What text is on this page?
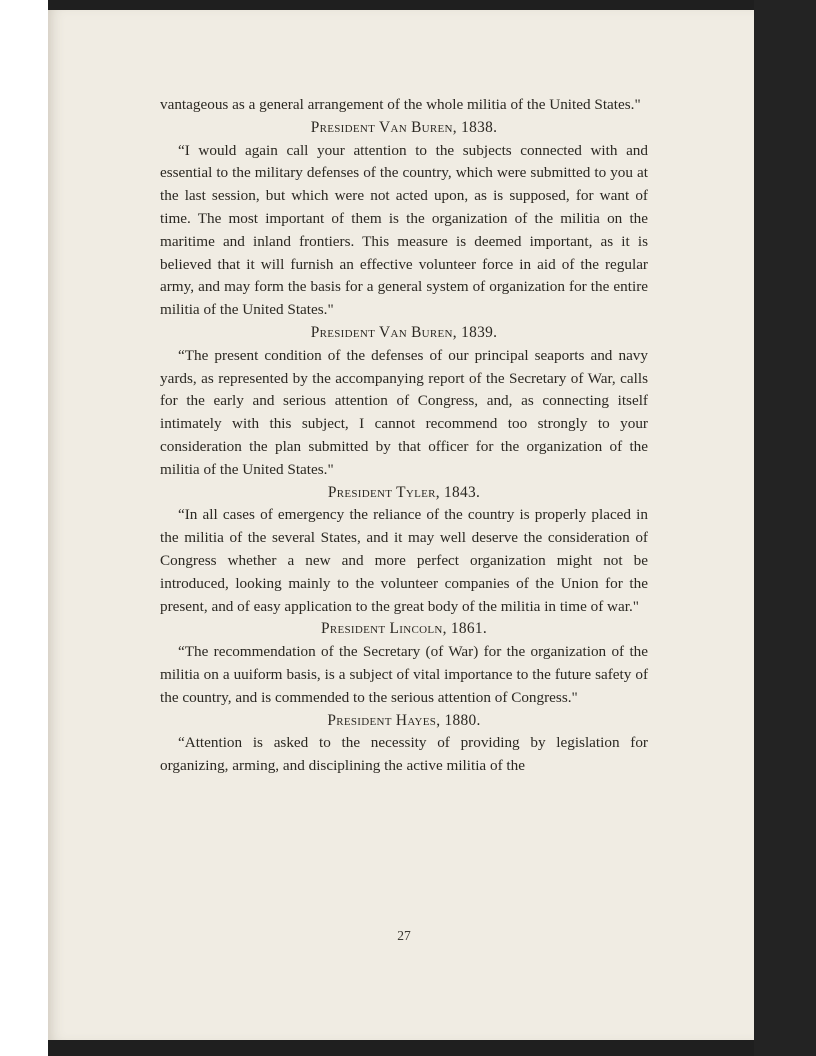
vantageous as a general arrangement of the whole militia of the United States."

President Van Buren, 1838.

“I would again call your attention to the subjects connected with and essential to the military defenses of the country, which were submitted to you at the last session, but which were not acted upon, as is supposed, for want of time. The most important of them is the organization of the militia on the maritime and inland frontiers. This measure is deemed important, as it is believed that it will furnish an effective volunteer force in aid of the regular army, and may form the basis for a general system of organization for the entire militia of the United States."

President Van Buren, 1839.

“The present condition of the defenses of our principal seaports and navy yards, as represented by the accompanying report of the Secretary of War, calls for the early and serious attention of Congress, and, as connecting itself intimately with this subject, I cannot recommend too strongly to your consideration the plan submitted by that officer for the organization of the militia of the United States."

President Tyler, 1843.

“In all cases of emergency the reliance of the country is properly placed in the militia of the several States, and it may well deserve the consideration of Congress whether a new and more perfect organization might not be introduced, looking mainly to the volunteer companies of the Union for the present, and of easy application to the great body of the militia in time of war."

President Lincoln, 1861.

“The recommendation of the Secretary (of War) for the organization of the militia on a uuiform basis, is a subject of vital importance to the future safety of the country, and is commended to the serious attention of Congress."

President Hayes, 1880.

“Attention is asked to the necessity of providing by legislation for organizing, arming, and disciplining the active militia of the

27
